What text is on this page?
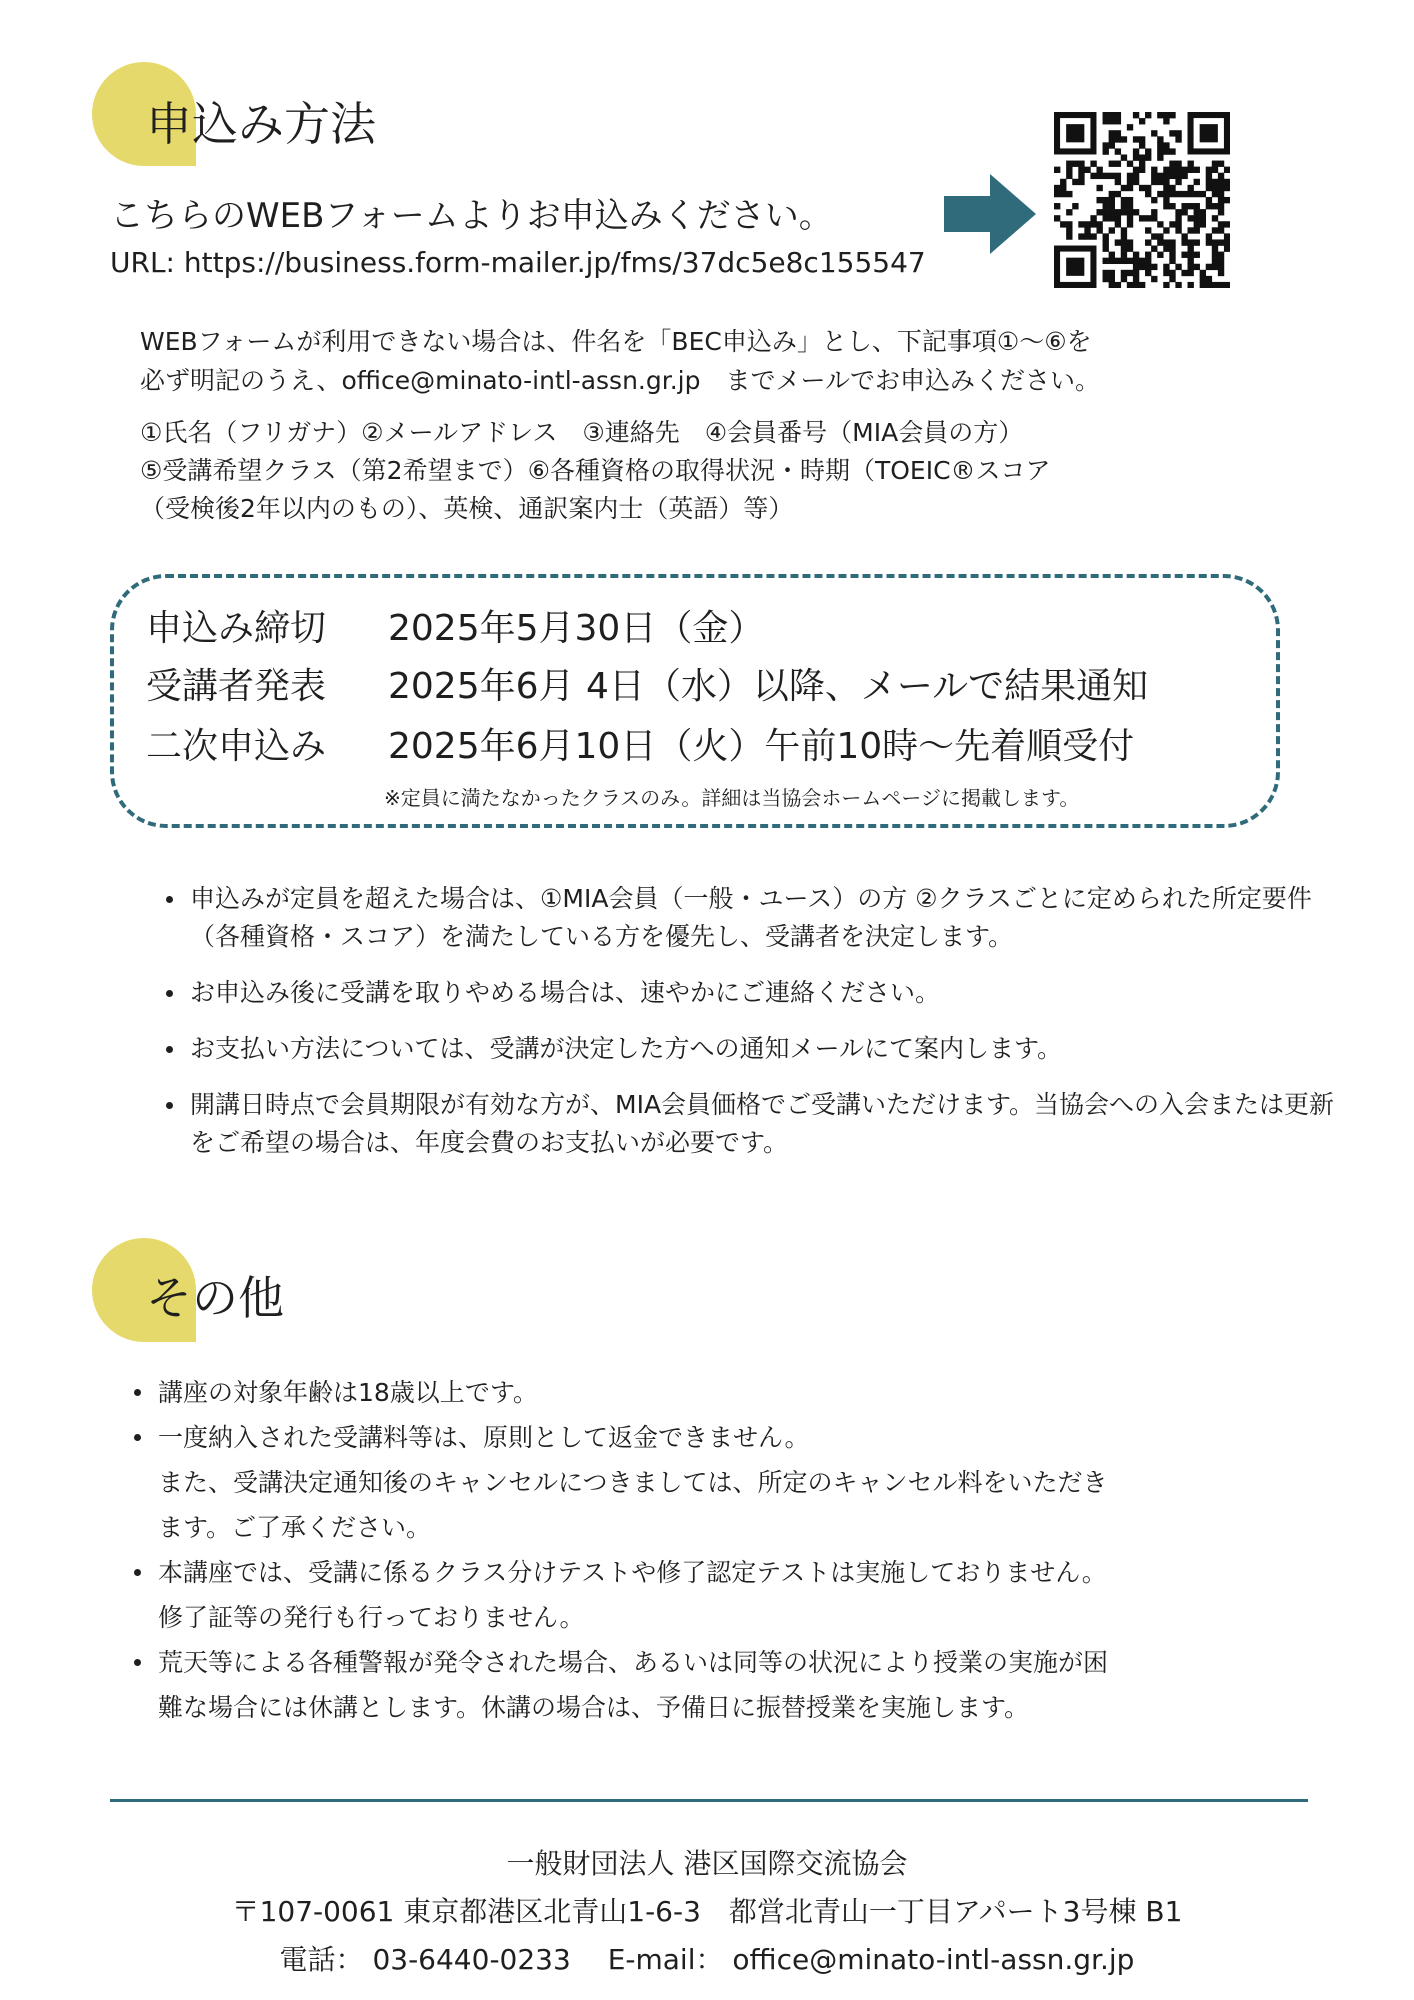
申込み方法
こちらのWEBフォームよりお申込みください。
URL: https://business.form-mailer.jp/fms/37dc5e8c155547
WEBフォームが利用できない場合は、件名を「BEC申込み」とし、下記事項①～⑥を
必ず明記のうえ、office@minato-intl-assn.gr.jp　までメールでお申込みください。
①氏名（フリガナ）②メールアドレス　③連絡先　④会員番号（MIA会員の方）
⑤受講希望クラス（第2希望まで）⑥各種資格の取得状況・時期（TOEIC®スコア
（受検後2年以内のもの）、英検、通訳案内士（英語）等）
申込み締切 2025年5月30日（金）
受講者発表 2025年6月 4日（水）以降、メールで結果通知
二次申込み 2025年6月10日（火）午前10時～先着順受付
※定員に満たなかったクラスのみ。詳細は当協会ホームページに掲載します。
申込みが定員を超えた場合は、①MIA会員（一般・ユース）の方 ②クラスごとに定められた所定要件（各種資格・スコア）を満たしている方を優先し、受講者を決定します。
お申込み後に受講を取りやめる場合は、速やかにご連絡ください。
お支払い方法については、受講が決定した方への通知メールにて案内します。
開講日時点で会員期限が有効な方が、MIA会員価格でご受講いただけます。当協会への入会または更新をご希望の場合は、年度会費のお支払いが必要です。
その他
講座の対象年齢は18歳以上です。
一度納入された受講料等は、原則として返金できません。
また、受講決定通知後のキャンセルにつきましては、所定のキャンセル料をいただき
ます。ご了承ください。
本講座では、受講に係るクラス分けテストや修了認定テストは実施しておりません。
修了証等の発行も行っておりません。
荒天等による各種警報が発令された場合、あるいは同等の状況により授業の実施が困
難な場合には休講とします。休講の場合は、予備日に振替授業を実施します。
一般財団法人 港区国際交流協会
〒107-0061 東京都港区北青山1-6-3　都営北青山一丁目アパート3号棟 B1
電話： 03-6440-0233　 E-mail： office@minato-intl-assn.gr.jp
